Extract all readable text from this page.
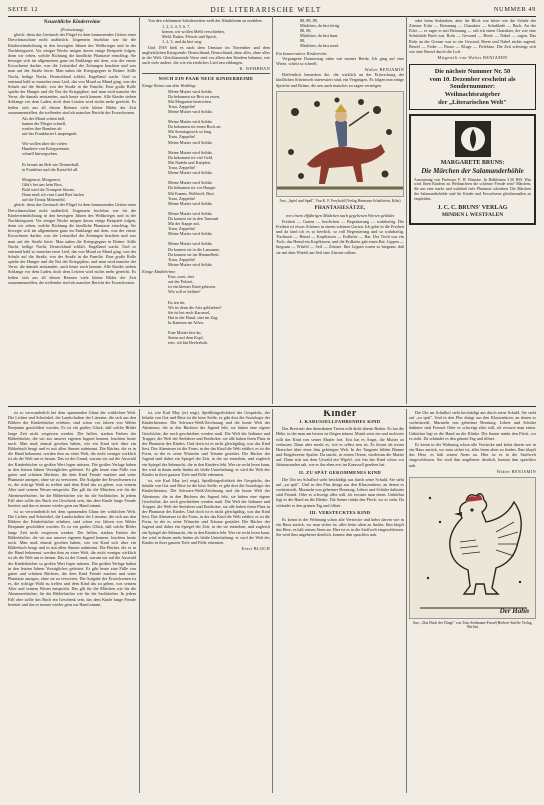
SEITE 12	DIE LITERARISCHE WELT	NUMMER 49
Neuzeitliche Kinderreime
(Fortsetzung)

gleich: denn das Geräusch der Flügel ist dem brummenden Getöse einer Dreschmaschine nicht unähnlich. Ungemein fruchtbar war für die Kinderreimdichtung in den bewegten Jahren des Weltkrieges und in der Nachkriegszeit. Vor einiger Woche mögen davon einige Beispiele folgen, denn wir sehen, welche Richtung die kindliche Phantasie einschlug. Sie bewegte sich im allgemeinen ganz im Einklange mit dem, was der ernste Erwachsene dachte, was die Leitartikel der Zeitungen brachten und was man auf der Straße hörte. Man nahm die Kriegsgegner in Reime: Stille Nacht, heilige Nacht, Deutschland schläft, Engelland wacht. Und so entstand bald so manches neue Lied, das von Mund zu Mund ging, von der Schule auf die Straße, von der Straße in die Familie. Eine große Rolle spielte der Hunger und die Not der Kriegsjahre, und man wird manche der Verse, die damals entstanden, auch heute noch kennen. Alle Kinder stehen Schlange vor dem Laden, doch dem Letzten wird nichts mehr gereicht. Es ließen sich aus all diesen Reimen viele kleine Bilder der Zeit zusammenstellen, die treffender sind als mancher Bericht der Erwachsenen.

Als der Mond schien hell,
kamen die Flieger schnell,
warfen ihre Bomben ab
auf das Frankfurter Lampengrab.

Wir wollen über die vielen
Hunderte von Kriegsreimen
schnell hinwegsehen.

Es brauet im Bett wie Donnerhall,
in Frankfurt und die Kartoffel all.

Morgenrot, Morgenrot,
Gibt's bei uns kein Brot,
Bald wird die Trompete blasen,
Dann muß ich vom Land Brot laufen
auf die Tirnitz Mittenfeld.

gleich: denn das Geräusch der Flügel ist dem brummenden Getöse einer Dreschmaschine nicht unähnlich. Ungemein fruchtbar war für die Kinderreimdichtung in den bewegten Jahren des Weltkrieges und in der Nachkriegszeit. Vor einiger Woche mögen davon einige Beispiele folgen, denn wir sehen, welche Richtung die kindliche Phantasie einschlug. Sie bewegte sich im allgemeinen ganz im Einklange mit dem, was der ernste Erwachsene dachte, was die Leitartikel der Zeitungen brachten und was man auf der Straße hörte. Man nahm die Kriegsgegner in Reime: Stille Nacht, heilige Nacht, Deutschland schläft, Engelland wacht. Und so entstand bald so manches neue Lied, das von Mund zu Mund ging, von der Schule auf die Straße, von der Straße in die Familie. Eine große Rolle spielte der Hunger und die Not der Kriegsjahre, und man wird manche der Verse, die damals entstanden, auch heute noch kennen. Alle Kinder stehen Schlange vor dem Laden, doch dem Letzten wird nichts mehr gereicht. Es ließen sich aus all diesen Reimen viele kleine Bilder der Zeit zusammenstellen, die treffender sind als mancher Bericht der Erwachsenen.

Von den schlimmen Schulerzeiten weiß der Abzählreim zu erzählen:

1, 2, 3, 4, 5, 6, 7,
komm, wir wollen Mehl verschieben,
Mehl, Butter, Fleisch und Speck,
1, 2, 3, und du bist weg.

Und 1918 hieß es nach dem Umsturz im November und dem unglücklichen Kriegsende: Deutschland, Deutschland, ohne alles, ohne alles in der Welt. Gleichlautende Verse sind vor allem den Kindern bekannt, wie auch viele andere, die wie ein zierliches Lied neu erklangen.

K. WEHRHAN
NOCH EIN PAAR NEUE KINDERREIME
Einige Reime aus dem Wedding:
Meine Mutter wird Soldat.
Da bekommt sie Brot zu essen,
Mit Margarine bestrichen.
Trara, Zeppelin!
Meine Mutter wird Soldat.

Meine Mutter wird Soldat.
Da bekommt sie einen Bock an,
Mit Sonntagsrock so lang.
Trara, Zeppelin!
Meine Mutter wird Soldat.

Meine Mutter wird Soldat.
Da bekommt sie viel Geld,
Mit Nadeln und Knöpfen.
Trara, Zeppelin!
Meine Mutter wird Soldat.

Meine Mutter wird Soldat.
Da bekommt sie vor Hunger
Mit Kamm, Wollstoff, Brot.
Trara, Zeppelin!
Meine Mutter wird Soldat.

Meine Mutter wird Soldat.
Da kommt sie in den Tanzsaal
Mit der Kappe auf,
Trara, Zeppelin!
Meine Mutter wird Soldat.

Meine Mutter wird Soldat.
Da kommt sie in die Lausanne,
Da kommt sie ins Himmelbett,
Trara, Zeppelin!
Meine Mutter wird Soldat.
Einige Abzählreime:
Eins, zwei, drei
auf der Polizei,
ist ein kleines Kind geboren.
Wie soll es heißen?

En ten tin,
Wo ist denn die Arie geblieben?
Sie ist bei euch Karussel,
Hat in der Hand, sitzt im Zug,
In Kaneum im Affen.

Eine Mutter bist du,
Steine auf dem Kopf,
rein, ich bin Beelzebub.
88, 88, 88,
Mädchen, du bist fertig.
88, 88,
Mädchen, du bist bunt.
88,
Mädchen, du bist rund.
Ein konservativer Kinderreim:

Vergangene Donnerstag ruhte mir meiner Herde, Ich ging auf eine Wiese, schritt so schnell.

Walter BENJAMIN

Hoffentlich bemerken die, die wirklich an der Erforschung der kindlichen Scheinwelt interessiert sind, ein Vergnügen. Es folgen nun einige Sprüche und Reime, die uns auch manches zu sagen vermögen.

Aus: „Spiel und Spaß". Von K. F. Freyhold (Verlag Hermann Schaffstein, Köln)
PHANTASIESÄTZE,
von einem elfjährigen Mädchen nach gegebenen Worten gebildet

Freiheit — Garten — herrlichen — Begeisterung — wahrhaftig. Die Freiheit ist etwas Schönes in einem schönen Garten. Ich gehe in die Freiheit und da fand ich es so herrlich, so voll Begeisterung und so wahrhaftig. Tischtuch — Hemd — Kopfkissen — Erdkröte — Rat. Der Tisch war ein Tuch, das Hemd ein Kopfkissen, und die Erdkröte gab einen Rat. Lippen — biegsam — Würfel — Seil — Zitrone. Ihre Lippen waren so biegsam, daß sie mit dem Würfel am Seil eine Zitrone rollten.

oder beim Sedizehen, aber ihr Blick war bitter wie die Schale der Zitrone. Ecke — Betonung — Charakter — Schublade — Bach. An der Ecke — er sagte es mit Betonung — sah ich einen Charakter, der wie eine Schublade Bach war. Rohr — Gewand — Beete — Nabel — sagen. Das Rohr an der Grenze war so ein Gewand, Beete und Nabel nichts sagend. Brezel — Feder — Pause — Kluge — Firlefanz. Die Zeit schwingt sich wie eine Brezel durch die Luft.

Mitgeteilt von Walter BENJAMIN
Die nächste Nummer Nr. 50
vom 10. Dezember erscheint als
Sondernummer:
Weihnachtsratgeber
der „Literarischen Welt"
MARGARETE BRUNS:
Die Märchen der Salamanderhöhle
Ausstattung von Professor F. H. Ehmcke. In Halbleinen 3.50 RM. Was wird Ihren Kindern zu Weihnachten die schönste Freude sein? Märchen, die uns eine starke und wahrhaft tiefe Phantasie schenken. Die Märchen der Salamanderhöhle sind für Kinder und Erwachsene gleichermaßen zu empfehlen.
J. C. C. BRUNS' VERLAG
MINDEN i. WESTFALEN

ist so verwunderlich bei dem spannenden Glanz der wirklichen Welt. Die Lichter und Schnörkel, die Landschaften der Literatur, die sich aus den Bildern der Kinderbücher erheben, sind schon vor Jahren von Walter Benjamin geschildert worden. Es ist ein großes Glück, daß solche Bilder lange Zeit nicht vergessen werden. Die hellen, starken Farben der Bilderbücher, die wir aus unserer eigenen Jugend kennen, leuchten heute noch. Man muß einmal gesehen haben, wie ein Kind sich über ein Bilderbuch beugt und es mit allen Sinnen aufnimmt. Die Bücher, die es in die Hand bekommt, werden ihm zu einer Welt, die nicht weniger wirklich ist als die Welt um es herum. Das ist der Grund, warum wir auf die Auswahl der Kinderbücher so großen Wert legen müssen. Die großen Verlage haben in den letzten Jahren Vorzügliches geleistet. Es gibt heute eine Fülle von guten und schönen Büchern, die dem Kind Freude machen und seine Phantasie anregen, ohne sie zu verwirren. Die Aufgabe der Erwachsenen ist es, die richtige Wahl zu treffen und dem Kind das zu geben, was seinem Alter und seinem Wesen entspricht. Das gilt für die Märchen wie für die Abenteuerbücher, für die Bilderbücher wie für die Sachbücher. In jedem Fall aber sollte das Buch ein Geschenk sein, das dem Kinde lange Freude bereitet und das es immer wieder gern zur Hand nimmt.

ist so verwunderlich bei dem spannenden Glanz der wirklichen Welt. Die Lichter und Schnörkel, die Landschaften der Literatur, die sich aus den Bildern der Kinderbücher erheben, sind schon vor Jahren von Walter Benjamin geschildert worden. Es ist ein großes Glück, daß solche Bilder lange Zeit nicht vergessen werden. Die hellen, starken Farben der Bilderbücher, die wir aus unserer eigenen Jugend kennen, leuchten heute noch. Man muß einmal gesehen haben, wie ein Kind sich über ein Bilderbuch beugt und es mit allen Sinnen aufnimmt. Die Bücher, die es in die Hand bekommt, werden ihm zu einer Welt, die nicht weniger wirklich ist als die Welt um es herum. Das ist der Grund, warum wir auf die Auswahl der Kinderbücher so großen Wert legen müssen. Die großen Verlage haben in den letzten Jahren Vorzügliches geleistet. Es gibt heute eine Fülle von guten und schönen Büchern, die dem Kind Freude machen und seine Phantasie anregen, ohne sie zu verwirren. Die Aufgabe der Erwachsenen ist es, die richtige Wahl zu treffen und dem Kind das zu geben, was seinem Alter und seinem Wesen entspricht. Das gilt für die Märchen wie für die Abenteuerbücher, für die Bilderbücher wie für die Sachbücher. In jedem Fall aber sollte das Buch ein Geschenk sein, das dem Kinde lange Freude bereitet und das es immer wieder gern zur Hand nimmt.

ist, wie Karl May (er) reigt). Spießbürgerlichkeit des Gesprächs, der Inhalte von Gut und Böse ist die böse Stelle, es gibt dort die Soziologie der Kinderliteratur. Die Schwarz-Weiß-Zeichnung und die bunte Welt der Abenteuer, die in den Büchern der Jugend lebt, sie haben eine eigene Geschichte, die noch geschrieben werden muß. Die Welt der Indianer und Trapper, die Welt der Seefahrer und Entdecker, sie alle haben ihren Platz in der Phantasie des Kindes. Und doch ist es nicht gleichgültig, was das Kind liest. Das Abenteuer ist die Form, in der das Kind die Welt erfährt; es ist die Form, in der es seine Wünsche und Träume gestaltet. Die Bücher der Jugend sind daher ein Spiegel der Zeit, in der sie entstehen, und zugleich ein Spiegel der Sehnsucht, die in den Kindern lebt. Wer sie recht lesen kann, der wird in ihnen mehr finden als bloße Unterhaltung: er wird die Welt des Kindes in ihrer ganzen Tiefe und Fülle erkennen.

ist, wie Karl May (er) reigt). Spießbürgerlichkeit des Gesprächs, der Inhalte von Gut und Böse ist die böse Stelle, es gibt dort die Soziologie der Kinderliteratur. Die Schwarz-Weiß-Zeichnung und die bunte Welt der Abenteuer, die in den Büchern der Jugend lebt, sie haben eine eigene Geschichte, die noch geschrieben werden muß. Die Welt der Indianer und Trapper, die Welt der Seefahrer und Entdecker, sie alle haben ihren Platz in der Phantasie des Kindes. Und doch ist es nicht gleichgültig, was das Kind liest. Das Abenteuer ist die Form, in der das Kind die Welt erfährt; es ist die Form, in der es seine Wünsche und Träume gestaltet. Die Bücher der Jugend sind daher ein Spiegel der Zeit, in der sie entstehen, und zugleich ein Spiegel der Sehnsucht, die in den Kindern lebt. Wer sie recht lesen kann, der wird in ihnen mehr finden als bloße Unterhaltung: er wird die Welt des Kindes in ihrer ganzen Tiefe und Fülle erkennen.

Ernst BLOCH
Kinder
I. KARUSSELLFAHRENDES KIND

Das Brett mit den dienstbaren Tieren rollt dicht überm Boden. Es hat die Höhe, in der man am besten zu fliegen träumt. Musik setzt ein und ruckweis rollt das Kind von seiner Mutter fort. Erst hat es Angst, die Mutter zu verlassen. Dann aber merkt es, wie es selbst treu ist. Es thront als treuer Herrscher über einer ihm gehörigen Welt. In der Tangente bilden Bäume und Eingeborene Spalier. Da taucht, in einem Orient, wiederum die Mutter auf. Dann tritt aus dem Urwald ein Wipfel, wie ihn das Kind schon vor Jahrtausenden sah, wie es ihn eben erst im Karussell gesehen hat.

II. ZU SPÄT GEKOMMENES KIND

Die Uhr im Schulhof sieht beschädigt aus durch seine Schuld. Sie steht auf „zu spät". Und in den Flur dringt aus den Klassentüren, an denen es vorbeistreift, Murmeln von geheimer Beratung. Lehrer und Schüler dahinter sind Freund. Oder es schweigt alles still, als erwarte man einen. Unhörbar legt es die Hand an die Klinke. Die Sonne tränkt den Fleck, wo es steht. Da schändet es den grünen Tag und öffnet.

III. VERSTECKTES KIND

Es kennt in der Wohnung schon alle Verstecke und kehrt darein wie in ein Haus zurück, wo man sicher ist, alles beim alten zu finden. Ihm klopft das Herz, es hält seinen Atem an. Hier ist es in die Stoffwelt eingeschlossen. Sie wird ihm ungeheuer deutlich, kommt ihm sprachlos nah.

Die Uhr im Schulhof sieht beschädigt aus durch seine Schuld. Sie steht auf „zu spät". Und in den Flur dringt aus den Klassentüren, an denen es vorbeistreift, Murmeln von geheimer Beratung. Lehrer und Schüler dahinter sind Freund. Oder es schweigt alles still, als erwarte man einen. Unhörbar legt es die Hand an die Klinke. Die Sonne tränkt den Fleck, wo es steht. Da schändet es den grünen Tag und öffnet.

Es kennt in der Wohnung schon alle Verstecke und kehrt darein wie in ein Haus zurück, wo man sicher ist, alles beim alten zu finden. Ihm klopft das Herz, es hält seinen Atem an. Hier ist es in die Stoffwelt eingeschlossen. Sie wird ihm ungeheuer deutlich, kommt ihm sprachlos nah.

Walter BENJAMIN
Der Hahn
Aus: „Das Buch der Dinge" von Tom Seidmann-Freud (Herbert Stuffer Verlag, Berlin)
